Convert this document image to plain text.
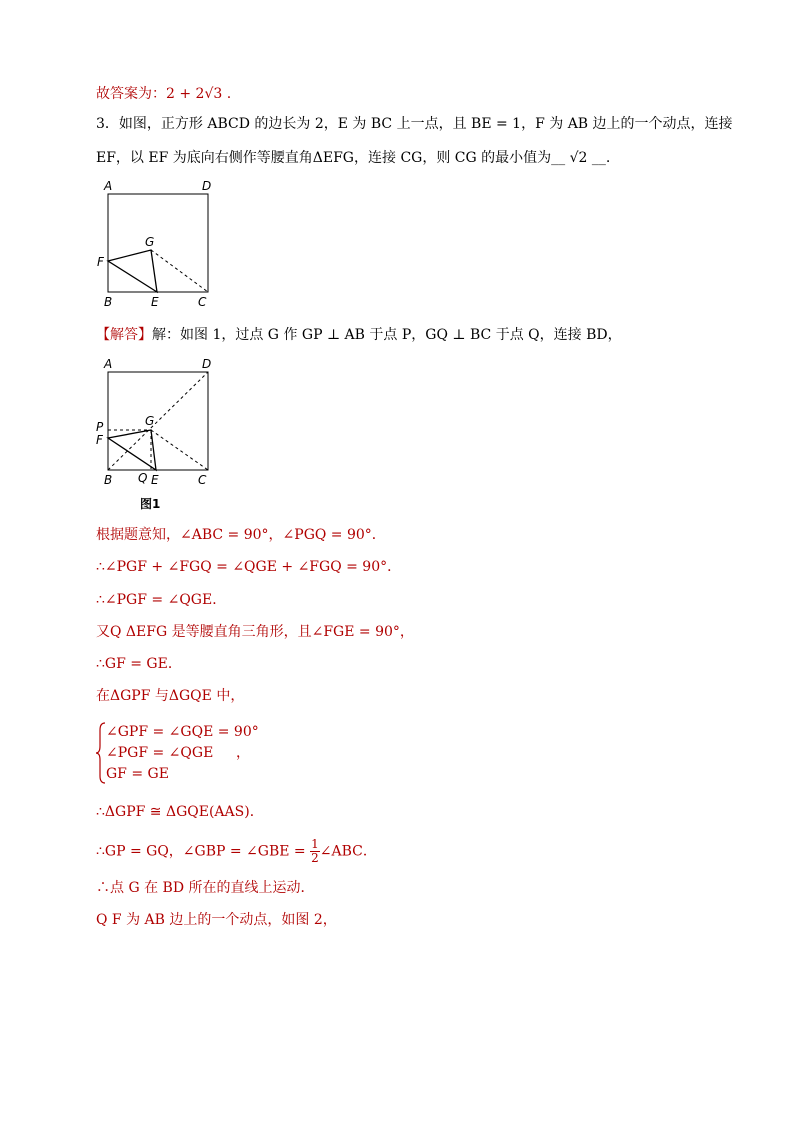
故答案为：2 + 2√3 .
3．如图，正方形 ABCD 的边长为 2，E 为 BC 上一点，且 BE = 1，F 为 AB 边上的一个动点，连接
EF，以 EF 为底向右侧作等腰直角ΔEFG，连接 CG，则 CG 的最小值为__ √2 __.
A	D
G
F
B	E	C
【解答】解：如图 1，过点 G 作 GP ⊥ AB 于点 P，GQ ⊥ BC 于点 Q，连接 BD，
A	D
P	G
F
B Q E	C
图1
根据题意知，∠ABC = 90°，∠PGQ = 90°．
∴∠PGF + ∠FGQ = ∠QGE + ∠FGQ = 90°．
∴∠PGF = ∠QGE．
又Q ΔEFG 是等腰直角三角形，且∠FGE = 90°，
∴GF = GE．
在ΔGPF 与ΔGQE 中，
∠GPF = ∠GQE = 90°
∠PGF = ∠QGE ，
GF = GE
∴ΔGPF ≅ ΔGQE(AAS)．
∴GP = GQ，∠GBP = ∠GBE = $\frac{1}{2}$ ∠ABC．
∴点 G 在 BD 所在的直线上运动．
Q F 为 AB 边上的一个动点，如图 2，
